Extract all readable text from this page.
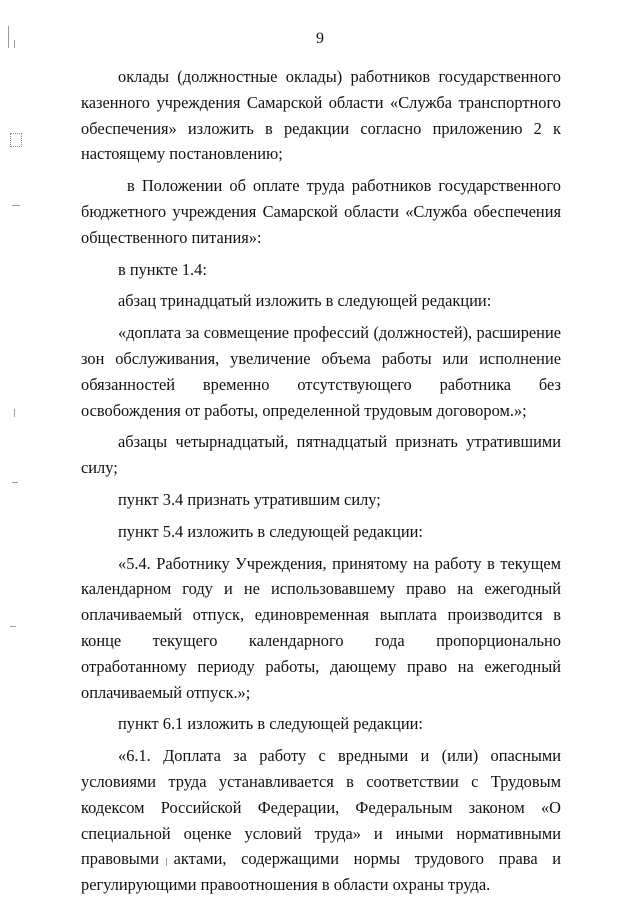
9

оклады (должностные оклады) работников государственного казенного учреждения Самарской области «Служба транспортного обеспечения» изложить в редакции согласно приложению 2 к настоящему постановлению;

в Положении об оплате труда работников государственного бюджетного учреждения Самарской области «Служба обеспечения общественного питания»:

в пункте 1.4:

абзац тринадцатый изложить в следующей редакции:

«доплата за совмещение профессий (должностей), расширение зон обслуживания, увеличение объема работы или исполнение обязанностей временно отсутствующего работника без освобождения от работы, определенной трудовым договором.»;

абзацы четырнадцатый, пятнадцатый признать утратившими силу;

пункт 3.4 признать утратившим силу;

пункт 5.4 изложить в следующей редакции:

«5.4. Работнику Учреждения, принятому на работу в текущем календарном году и не использовавшему право на ежегодный оплачиваемый отпуск, единовременная выплата производится в конце текущего календарного года пропорционально отработанному периоду работы, дающему право на ежегодный оплачиваемый отпуск.»;

пункт 6.1 изложить в следующей редакции:

«6.1. Доплата за работу с вредными и (или) опасными условиями труда устанавливается в соответствии с Трудовым кодексом Российской Федерации, Федеральным законом «О специальной оценке условий труда» и иными нормативными правовыми актами, содержащими нормы трудового права и регулирующими правоотношения в области охраны труда.
